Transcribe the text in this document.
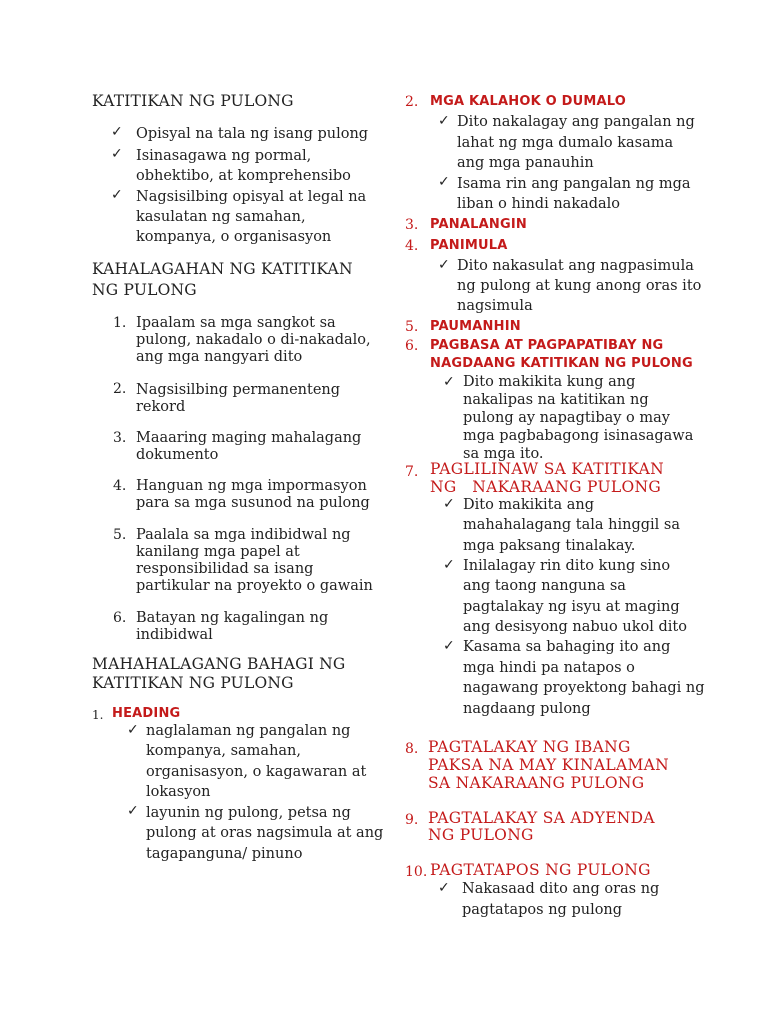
KATITIKAN NG PULONG
✓ Opisyal na tala ng isang pulong
✓ Isinasagawa ng pormal,
obhektibo, at komprehensibo
✓ Nagsisilbing opisyal at legal na
kasulatan ng samahan,
kompanya, o organisasyon
KAHALAGAHAN NG KATITIKAN
NG PULONG
1. Ipaalam sa mga sangkot sa
pulong, nakadalo o di-nakadalo,
ang mga nangyari dito
2. Nagsisilbing permanenteng
rekord
3. Maaaring maging mahalagang
dokumento
4. Hanguan ng mga impormasyon
para sa mga susunod na pulong
5. Paalala sa mga indibidwal ng
kanilang mga papel at
responsibilidad sa isang
partikular na proyekto o gawain
6. Batayan ng kagalingan ng
indibidwal
MAHAHALAGANG BAHAGI NG
KATITIKAN NG PULONG
1. HEADING
✓ naglalaman ng pangalan ng
kompanya, samahan,
organisasyon, o kagawaran at
lokasyon
✓ layunin ng pulong, petsa ng
pulong at oras nagsimula at ang
tagapanguna/ pinuno
2. MGA KALAHOK O DUMALO
✓ Dito nakalagay ang pangalan ng
lahat ng mga dumalo kasama
ang mga panauhin
✓ Isama rin ang pangalan ng mga
liban o hindi nakadalo
3. PANALANGIN
4. PANIMULA
✓ Dito nakasulat ang nagpasimula
ng pulong at kung anong oras ito
nagsimula
5. PAUMANHIN
6. PAGBASA AT PAGPAPATIBAY NG
NAGDAANG KATITIKAN NG PULONG
✓ Dito makikita kung ang
nakalipas na katitikan ng
pulong ay napagtibay o may
mga pagbabagong isinasagawa
sa mga ito.
7. PAGLILINAW SA KATITIKAN
NG   NAKARAANG PULONG
✓ Dito makikita ang
mahahalagang tala hinggil sa
mga paksang tinalakay.
✓ Inilalagay rin dito kung sino
ang taong nanguna sa
pagtalakay ng isyu at maging
ang desisyong nabuo ukol dito
✓ Kasama sa bahaging ito ang
mga hindi pa natapos o
nagawang proyektong bahagi ng
nagdaang pulong
8. PAGTALAKAY NG IBANG
PAKSA NA MAY KINALAMAN
SA NAKARAANG PULONG
9. PAGTALAKAY SA ADYENDA
NG PULONG
10. PAGTATAPOS NG PULONG
✓ Nakasaad dito ang oras ng
pagtatapos ng pulong
